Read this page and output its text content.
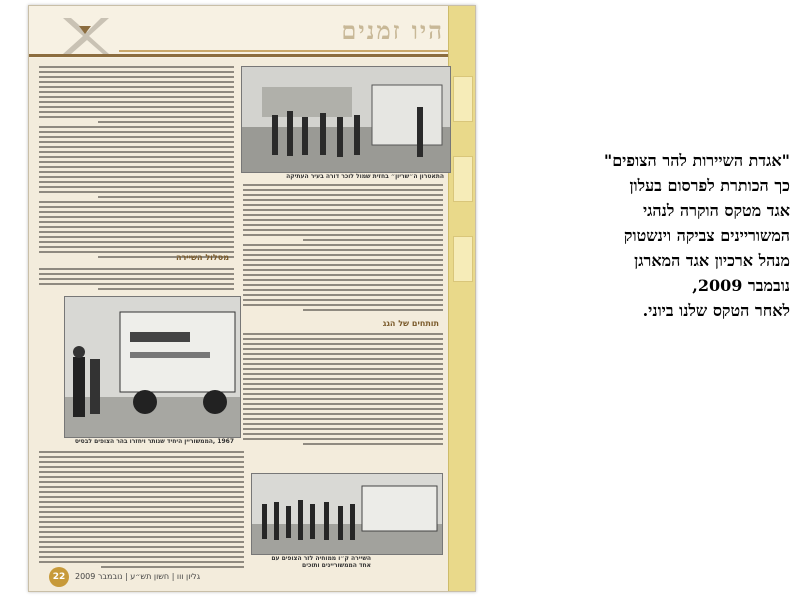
היו זמנים
מסלול השיירה
התאטרון ה״שריון״ בחזית שמול לוכר דורה בעיר העתיקה
תותחים של הגג
1967 ,הממשוריין היחיד שנותר ויחזרו בהר הצופים לבסיס
השיירה ק״ו ממוחיה לזר הצופים עם אחד הממשוריינים ותוכים
22	גליון ווו | חשון תש״ע | נובמבר 2009
"אגדת השיירות להר הצופים"
כך הכותרת לפרסום בעלון
אגד מטקס הוקרה לנהגי
המשוריינים צביקה וינשטוק
מנהל ארכיון אגד המארגן
נובמבר 2009,
לאחר הטקס שלנו ביוני.
